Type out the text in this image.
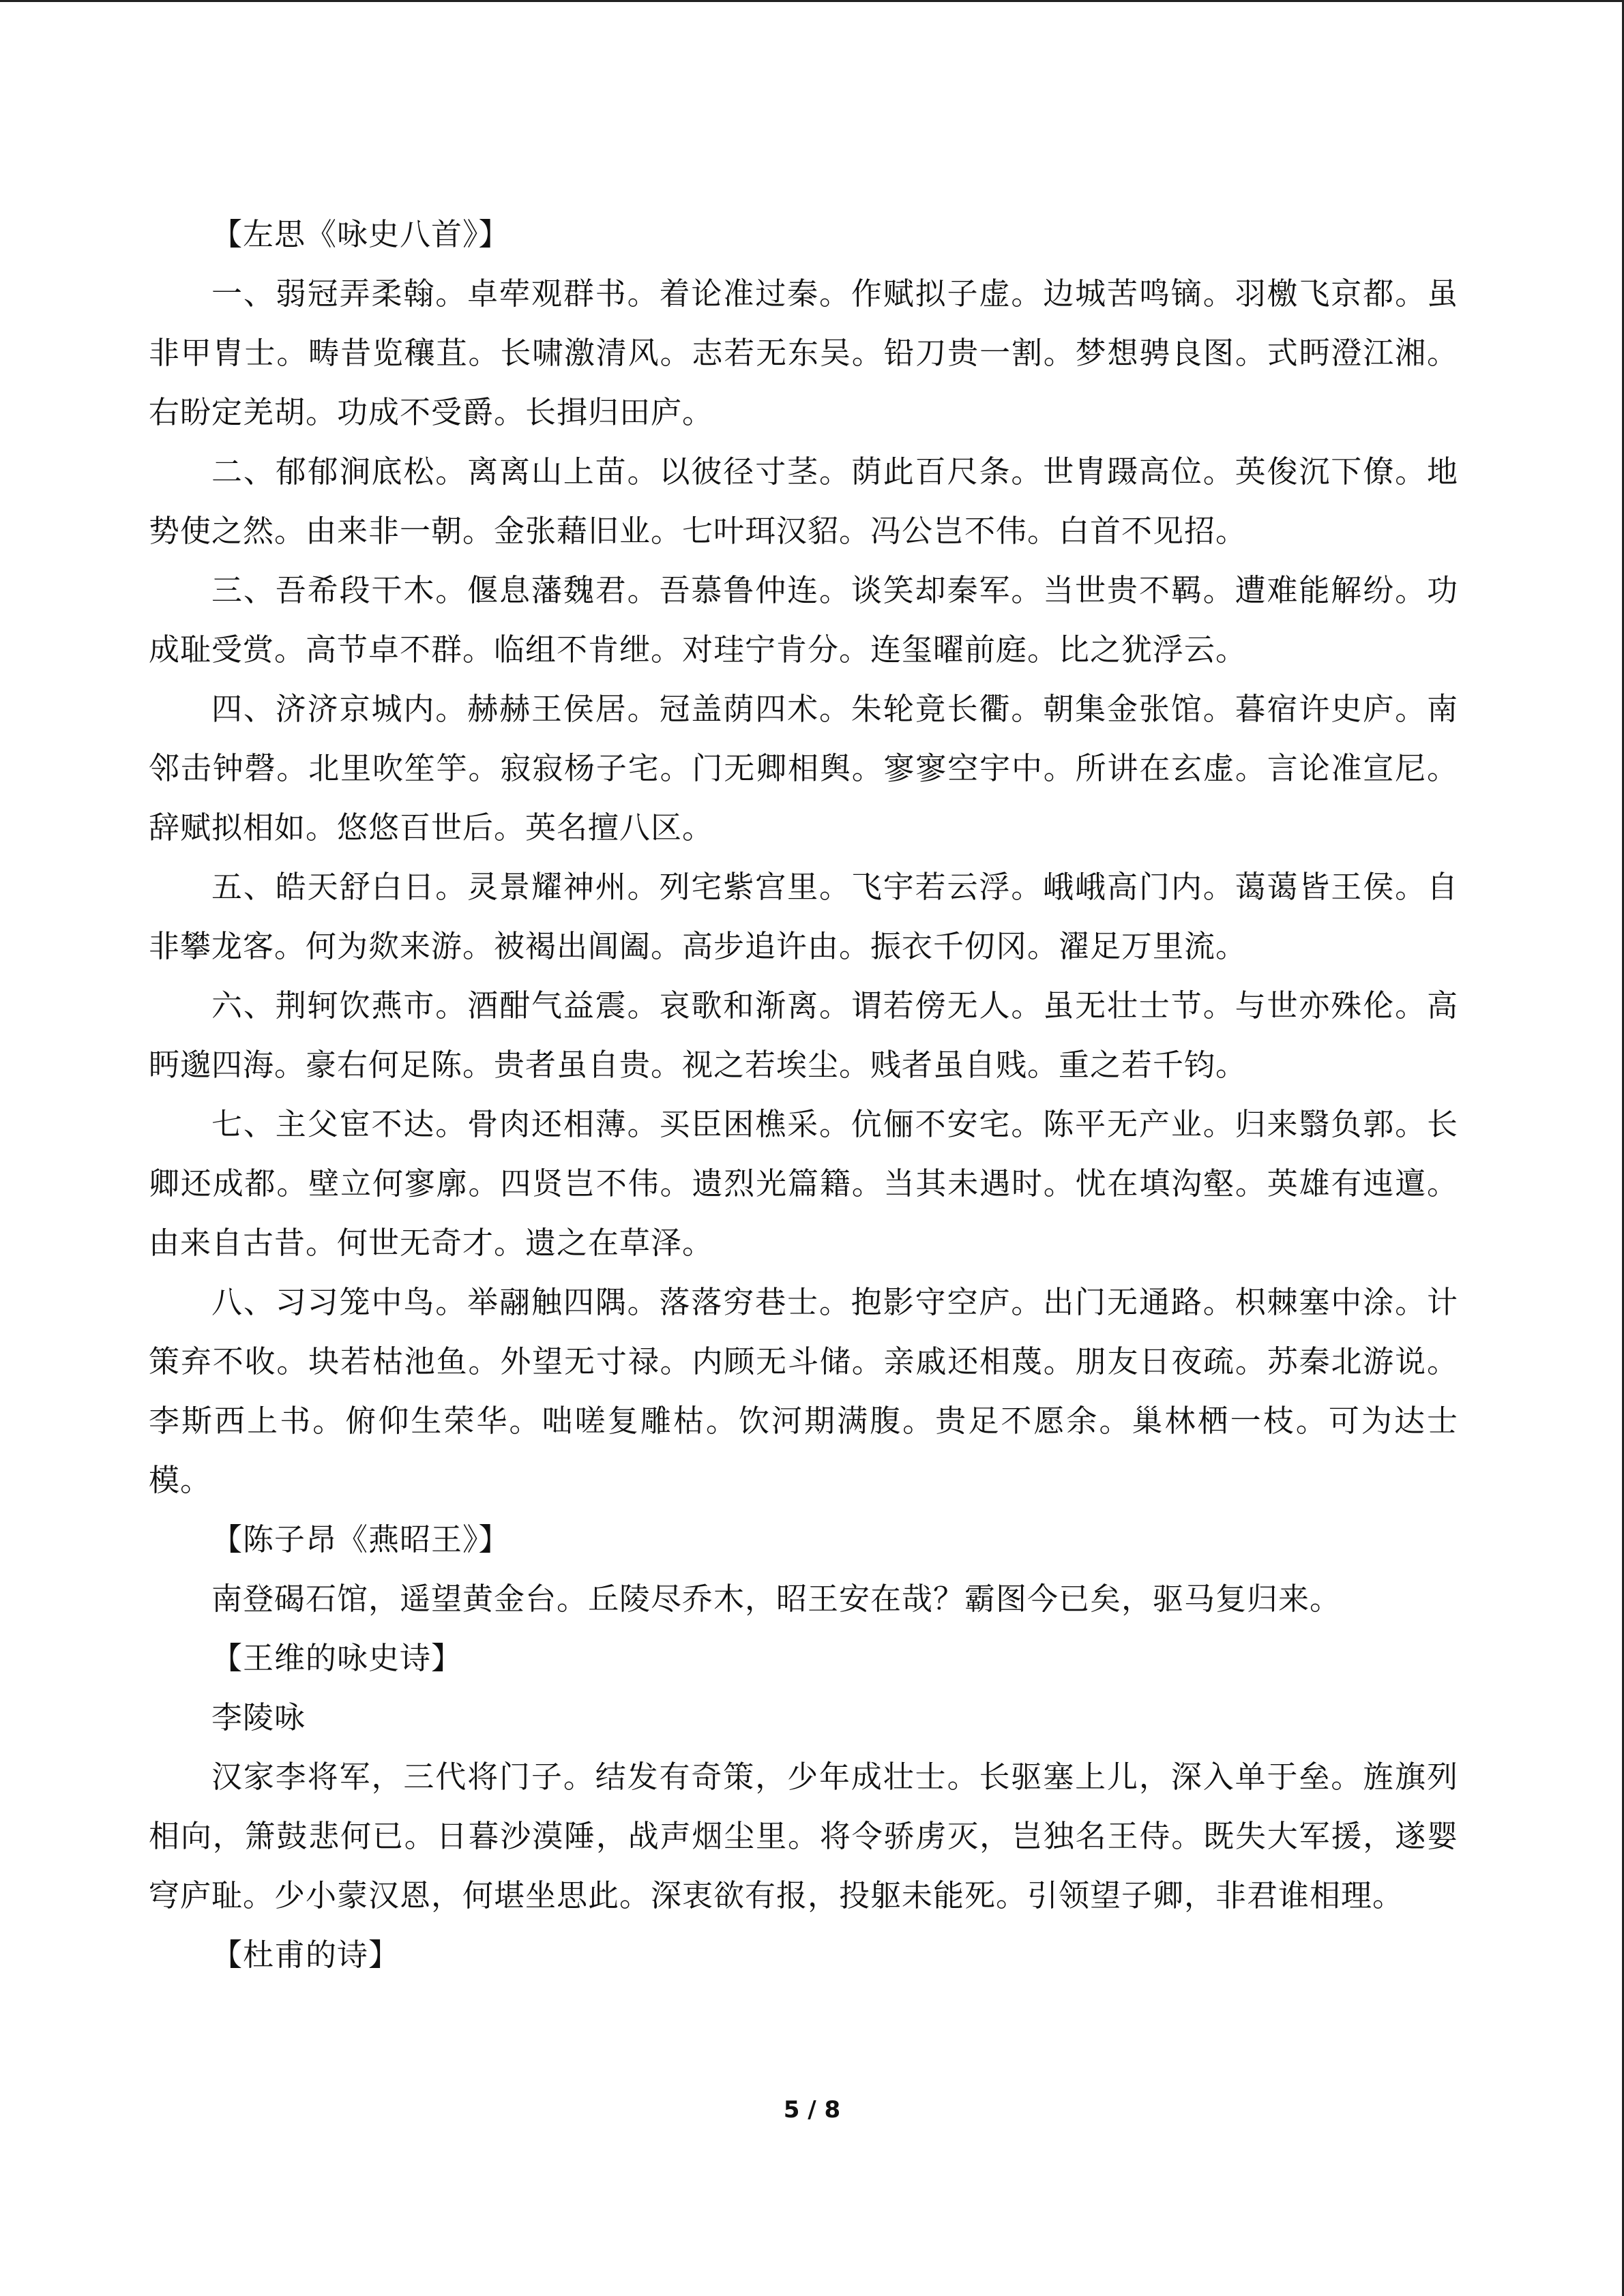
【左思《咏史八首》】

一、弱冠弄柔翰。卓荦观群书。着论准过秦。作赋拟子虚。边城苦鸣镝。羽檄飞京都。虽非甲胄士。畴昔览穰苴。长啸激清风。志若无东吴。铅刀贵一割。梦想骋良图。式眄澄江湘。右盼定羌胡。功成不受爵。长揖归田庐。

二、郁郁涧底松。离离山上苗。以彼径寸茎。荫此百尺条。世胄蹑高位。英俊沉下僚。地势使之然。由来非一朝。金张藉旧业。七叶珥汉貂。冯公岂不伟。白首不见招。

三、吾希段干木。偃息藩魏君。吾慕鲁仲连。谈笑却秦军。当世贵不羁。遭难能解纷。功成耻受赏。高节卓不群。临组不肯绁。对珪宁肯分。连玺曜前庭。比之犹浮云。

四、济济京城内。赫赫王侯居。冠盖荫四术。朱轮竟长衢。朝集金张馆。暮宿许史庐。南邻击钟磬。北里吹笙竽。寂寂杨子宅。门无卿相舆。寥寥空宇中。所讲在玄虚。言论准宣尼。辞赋拟相如。悠悠百世后。英名擅八区。

五、皓天舒白日。灵景耀神州。列宅紫宫里。飞宇若云浮。峨峨高门内。蔼蔼皆王侯。自非攀龙客。何为欻来游。被褐出阊阖。高步追许由。振衣千仞冈。濯足万里流。

六、荆轲饮燕市。酒酣气益震。哀歌和渐离。谓若傍无人。虽无壮士节。与世亦殊伦。高眄邈四海。豪右何足陈。贵者虽自贵。视之若埃尘。贱者虽自贱。重之若千钧。

七、主父宦不达。骨肉还相薄。买臣困樵采。伉俪不安宅。陈平无产业。归来翳负郭。长卿还成都。壁立何寥廓。四贤岂不伟。遗烈光篇籍。当其未遇时。忧在填沟壑。英雄有迍邅。由来自古昔。何世无奇才。遗之在草泽。

八、习习笼中鸟。举翮触四隅。落落穷巷士。抱影守空庐。出门无通路。枳棘塞中涂。计策弃不收。块若枯池鱼。外望无寸禄。内顾无斗储。亲戚还相蔑。朋友日夜疏。苏秦北游说。李斯西上书。俯仰生荣华。咄嗟复雕枯。饮河期满腹。贵足不愿余。巢林栖一枝。可为达士模。

【陈子昂《燕昭王》】

南登碣石馆，遥望黄金台。丘陵尽乔木，昭王安在哉？霸图今已矣，驱马复归来。

【王维的咏史诗】

李陵咏

汉家李将军，三代将门子。结发有奇策，少年成壮士。长驱塞上儿，深入单于垒。旌旗列相向，箫鼓悲何已。日暮沙漠陲，战声烟尘里。将令骄虏灭，岂独名王侍。既失大军援，遂婴穹庐耻。少小蒙汉恩，何堪坐思此。深衷欲有报，投躯未能死。引领望子卿，非君谁相理。

【杜甫的诗】

5 / 8
